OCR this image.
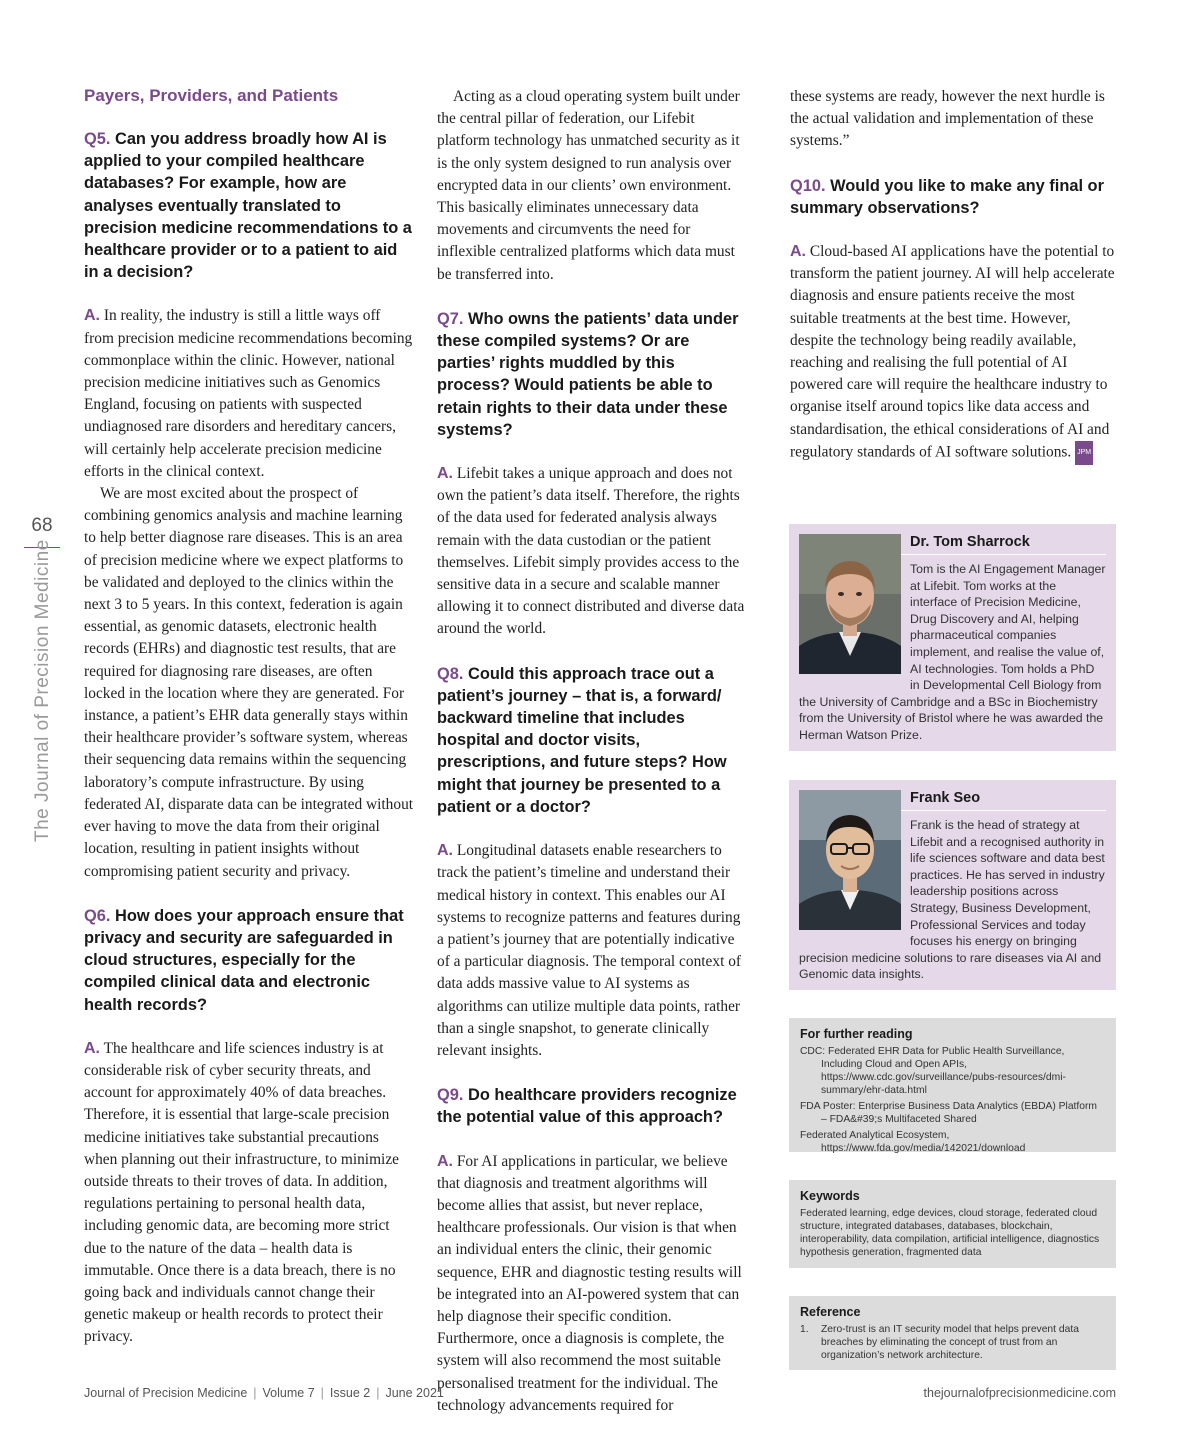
68
The Journal of Precision Medicine
Payers, Providers, and Patients
Q5. Can you address broadly how AI is applied to your compiled healthcare databases? For example, how are analyses eventually translated to precision medicine recommendations to a healthcare provider or to a patient to aid in a decision?

A. In reality, the industry is still a little ways off from precision medicine recommendations becoming commonplace within the clinic. However, national precision medicine initiatives such as Genomics England, focusing on patients with suspected undiagnosed rare disorders and hereditary cancers, will certainly help accelerate precision medicine efforts in the clinical context.

We are most excited about the prospect of combining genomics analysis and machine learning to help better diagnose rare diseases. This is an area of precision medicine where we expect platforms to be validated and deployed to the clinics within the next 3 to 5 years. In this context, federation is again essential, as genomic datasets, electronic health records (EHRs) and diagnostic test results, that are required for diagnosing rare diseases, are often locked in the location where they are generated. For instance, a patient’s EHR data generally stays within their healthcare provider’s software system, whereas their sequencing data remains within the sequencing laboratory’s compute infrastructure. By using federated AI, disparate data can be integrated without ever having to move the data from their original location, resulting in patient insights without compromising patient security and privacy.

Q6. How does your approach ensure that privacy and security are safeguarded in cloud structures, especially for the compiled clinical data and electronic health records?

A. The healthcare and life sciences industry is at considerable risk of cyber security threats, and account for approximately 40% of data breaches. Therefore, it is essential that large-scale precision medicine initiatives take substantial precautions when planning out their infrastructure, to minimize outside threats to their troves of data. In addition, regulations pertaining to personal health data, including genomic data, are becoming more strict due to the nature of the data – health data is immutable. Once there is a data breach, there is no going back and individuals cannot change their genetic makeup or health records to protect their privacy.

Acting as a cloud operating system built under the central pillar of federation, our Lifebit platform technology has unmatched security as it is the only system designed to run analysis over encrypted data in our clients’ own environment. This basically eliminates unnecessary data movements and circumvents the need for inflexible centralized platforms which data must be transferred into.

Q7. Who owns the patients’ data under these compiled systems? Or are parties’ rights muddled by this process? Would patients be able to retain rights to their data under these systems?

A. Lifebit takes a unique approach and does not own the patient’s data itself. Therefore, the rights of the data used for federated analysis always remain with the data custodian or the patient themselves. Lifebit simply provides access to the sensitive data in a secure and scalable manner allowing it to connect distributed and diverse data around the world.

Q8. Could this approach trace out a patient’s journey – that is, a forward/ backward timeline that includes hospital and doctor visits, prescriptions, and future steps? How might that journey be presented to a patient or a doctor?

A. Longitudinal datasets enable researchers to track the patient’s timeline and understand their medical history in context. This enables our AI systems to recognize patterns and features during a patient’s journey that are potentially indicative of a particular diagnosis. The temporal context of data adds massive value to AI systems as algorithms can utilize multiple data points, rather than a single snapshot, to generate clinically relevant insights.

Q9. Do healthcare providers recognize the potential value of this approach?

A. For AI applications in particular, we believe that diagnosis and treatment algorithms will become allies that assist, but never replace, healthcare professionals. Our vision is that when an individual enters the clinic, their genomic sequence, EHR and diagnostic testing results will be integrated into an AI-powered system that can help diagnose their specific condition. Furthermore, once a diagnosis is complete, the system will also recommend the most suitable personalised treatment for the individual. The technology advancements required for

these systems are ready, however the next hurdle is the actual validation and implementation of these systems.”

Q10. Would you like to make any final or summary observations?

A. Cloud-based AI applications have the potential to transform the patient journey. AI will help accelerate diagnosis and ensure patients receive the most suitable treatments at the best time. However, despite the technology being readily available, reaching and realising the full potential of AI powered care will require the healthcare industry to organise itself around topics like data access and standardisation, the ethical considerations of AI and regulatory standards of AI software solutions. JPM

Dr. Tom Sharrock
Tom is the AI Engagement Manager at Lifebit. Tom works at the interface of Precision Medicine, Drug Discovery and AI, helping pharmaceutical companies implement, and realise the value of, AI technologies. Tom holds a PhD in Developmental Cell Biology from the University of Cambridge and a BSc in Biochemistry from the University of Bristol where he was awarded the Herman Watson Prize.
Frank Seo
Frank is the head of strategy at Lifebit and a recognised authority in life sciences software and data best practices. He has served in industry leadership positions across Strategy, Business Development, Professional Services and today focuses his energy on bringing precision medicine solutions to rare diseases via AI and Genomic data insights.
For further reading
CDC: Federated EHR Data for Public Health Surveillance, Including Cloud and Open APIs, https://www.cdc.gov/surveillance/pubs-resources/dmi-summary/ehr-data.html
FDA Poster: Enterprise Business Data Analytics (EBDA) Platform – FDA&#39;s Multifaceted Shared
Federated Analytical Ecosystem, https://www.fda.gov/media/142021/download
Keywords
Federated learning, edge devices, cloud storage, federated cloud structure, integrated databases, databases, blockchain, interoperability, data compilation, artificial intelligence, diagnostics hypothesis generation, fragmented data
Reference
1.	Zero-trust is an IT security model that helps prevent data breaches by eliminating the concept of trust from an organization’s network architecture.
Journal of Precision Medicine | Volume 7 | Issue 2 | June 2021	thejournalofprecisionmedicine.com
